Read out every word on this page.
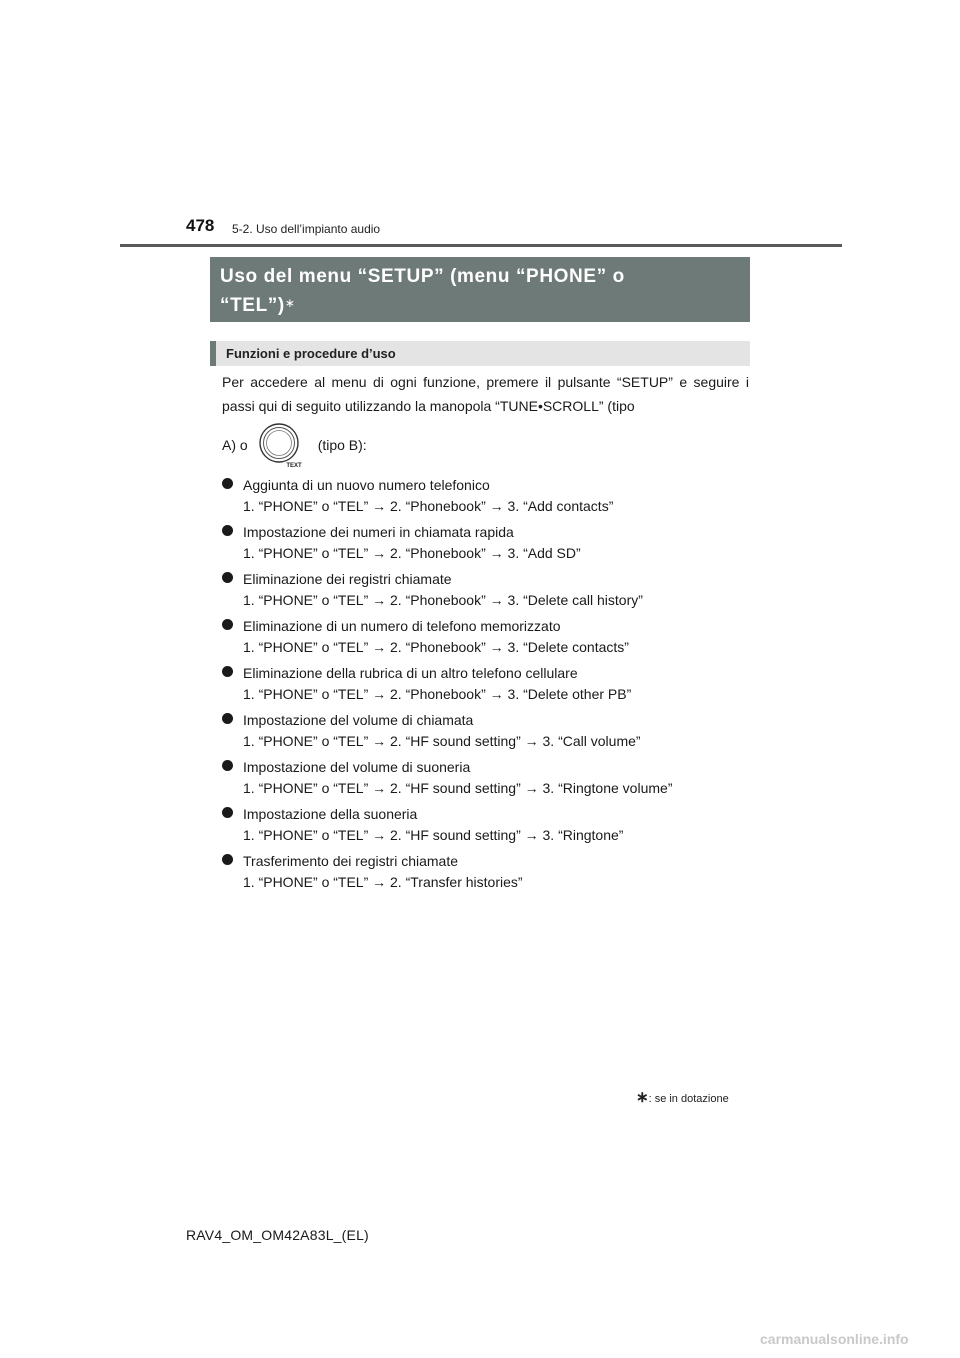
478 5-2. Uso dell’impianto audio
Uso del menu “SETUP” (menu “PHONE” o
“TEL”)∗
Funzioni e procedure d’uso
Per accedere al menu di ogni funzione, premere il pulsante “SETUP” e seguire i passi qui di seguito utilizzando la manopola “TUNE•SCROLL” (tipo
A) o
TEXT
(tipo B):
Aggiunta di un nuovo numero telefonico
1. “PHONE” o “TEL” → 2. “Phonebook” → 3. “Add contacts”
Impostazione dei numeri in chiamata rapida
1. “PHONE” o “TEL” → 2. “Phonebook” → 3. “Add SD”
Eliminazione dei registri chiamate
1. “PHONE” o “TEL” → 2. “Phonebook” → 3. “Delete call history”
Eliminazione di un numero di telefono memorizzato
1. “PHONE” o “TEL” → 2. “Phonebook” → 3. “Delete contacts”
Eliminazione della rubrica di un altro telefono cellulare
1. “PHONE” o “TEL” → 2. “Phonebook” → 3. “Delete other PB”
Impostazione del volume di chiamata
1. “PHONE” o “TEL” → 2. “HF sound setting” → 3. “Call volume”
Impostazione del volume di suoneria
1. “PHONE” o “TEL” → 2. “HF sound setting” → 3. “Ringtone volume”
Impostazione della suoneria
1. “PHONE” o “TEL” → 2. “HF sound setting” → 3. “Ringtone”
Trasferimento dei registri chiamate
1. “PHONE” o “TEL” → 2. “Transfer histories”
∗: se in dotazione
RAV4_OM_OM42A83L_(EL)
carmanualsonline.info
